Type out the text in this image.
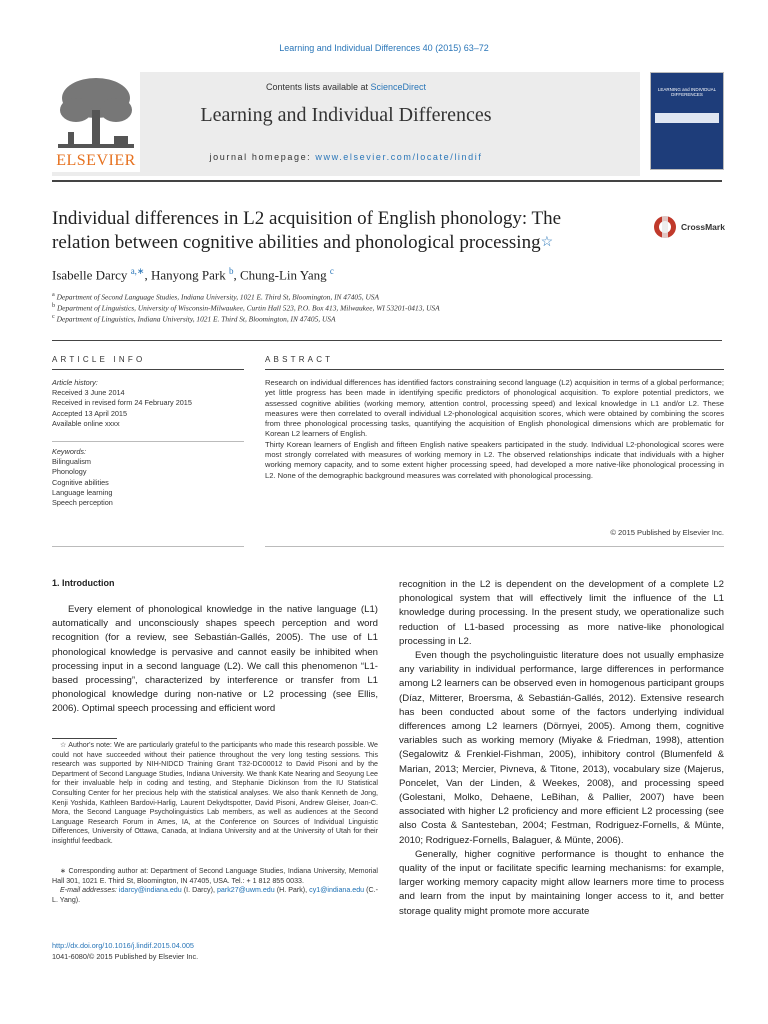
Learning and Individual Differences 40 (2015) 63–72
ELSEVIER
Contents lists available at ScienceDirect
Learning and Individual Differences
journal homepage: www.elsevier.com/locate/lindif
LEARNING and INDIVIDUAL DIFFERENCES
Individual differences in L2 acquisition of English phonology: The relation between cognitive abilities and phonological processing☆
CrossMark
Isabelle Darcy $^{a,∗}$, Hanyong Park $^b$, Chung-Lin Yang $^c$
$^a$ Department of Second Language Studies, Indiana University, 1021 E. Third St, Bloomington, IN 47405, USA
$^b$ Department of Linguistics, University of Wisconsin-Milwaukee, Curtin Hall 523, P.O. Box 413, Milwaukee, WI 53201-0413, USA
$^c$ Department of Linguistics, Indiana University, 1021 E. Third St, Bloomington, IN 47405, USA
ARTICLE INFO	ABSTRACT
Article history:
Received 3 June 2014
Received in revised form 24 February 2015
Accepted 13 April 2015
Available online xxxx
Keywords:
Bilingualism
Phonology
Cognitive abilities
Language learning
Speech perception

Research on individual differences has identified factors constraining second language (L2) acquisition in terms of a global performance; yet little progress has been made in identifying specific predictors of phonological acquisition. To explore potential predictors, we assessed cognitive abilities (working memory, attention control, processing speed) and lexical knowledge in L1 and/or L2. These measures were then correlated to overall individual L2-phonological acquisition scores, which were obtained by combining the scores from three phonological processing tasks, quantifying the acquisition of English phonological dimensions which are problematic for Korean L2 learners of English.

Thirty Korean learners of English and fifteen English native speakers participated in the study. Individual L2-phonological scores were most strongly correlated with measures of working memory in L2. The observed relationships indicate that individuals with a higher working memory capacity, and to some extent higher processing speed, had developed a more native-like phonological processing in L2. None of the demographic background measures was correlated with phonological processing.

© 2015 Published by Elsevier Inc.
1. Introduction

Every element of phonological knowledge in the native language (L1) automatically and unconsciously shapes speech perception and word recognition (for a review, see Sebastián-Gallés, 2005). The use of L1 phonological knowledge is pervasive and cannot easily be inhibited when processing input in a second language (L2). We call this phenomenon “L1-based processing”, characterized by interference or transfer from L1 phonological knowledge during non-native or L2 processing (see Ellis, 2006). Optimal speech processing and efficient word

recognition in the L2 is dependent on the development of a complete L2 phonological system that will effectively limit the influence of the L1 knowledge during processing. In the present study, we operationalize such reduction of L1-based processing as more native-like phonological processing in L2.

Even though the psycholinguistic literature does not usually emphasize any variability in individual performance, large differences in performance among L2 learners can be observed even in homogenous participant groups (Díaz, Mitterer, Broersma, & Sebastián-Gallés, 2012). Extensive research has been conducted about some of the factors underlying individual differences among L2 learners (Dörnyei, 2005). Among them, cognitive variables such as working memory (Miyake & Friedman, 1998), attention (Segalowitz & Frenkiel-Fishman, 2005), inhibitory control (Blumenfeld & Marian, 2013; Mercier, Pivneva, & Titone, 2013), vocabulary size (Majerus, Poncelet, Van der Linden, & Weekes, 2008), and processing speed (Golestani, Molko, Dehaene, LeBihan, & Pallier, 2007) have been associated with higher L2 proficiency and more efficient L2 processing (see also Costa & Santesteban, 2004; Festman, Rodriguez-Fornells, & Münte, 2010; Rodriguez-Fornells, Balaguer, & Münte, 2006).

Generally, higher cognitive performance is thought to enhance the quality of the input or facilitate specific learning mechanisms: for example, larger working memory capacity might allow learners more time to process and learn from the input by maintaining longer access to it, and better storage quality might promote more accurate

☆ Author's note: We are particularly grateful to the participants who made this research possible. We could not have succeeded without their patience throughout the very long testing sessions. This research was supported by NIH-NIDCD Training Grant T32-DC00012 to David Pisoni and by the Department of Second Language Studies, Indiana University. We thank Kate Nearing and Seoyung Lee for their invaluable help in coding and testing, and Stephanie Dickinson from the IU Statistical Consulting Center for her precious help with the statistical analyses. We also thank Kenneth de Jong, Kenji Yoshida, Kathleen Bardovi-Harlig, Laurent Dekydtspotter, David Pisoni, Andrew Gleiser, Joan-C. Mora, the Second Language Psycholinguistics Lab members, as well as audiences at the Second Language Research Forum in Ames, IA, at the Conference on Sources of Individual Linguistic Differences, University of Ottawa, Canada, at Indiana University and at the University of Utah for their insightful feedback.

∗ Corresponding author at: Department of Second Language Studies, Indiana University, Memorial Hall 301, 1021 E. Third St, Bloomington, IN 47405, USA. Tel.: + 1 812 855 0033.

E-mail addresses: idarcy@indiana.edu (I. Darcy), park27@uwm.edu (H. Park), cy1@indiana.edu (C.-L. Yang).

http://dx.doi.org/10.1016/j.lindif.2015.04.005
1041-6080/© 2015 Published by Elsevier Inc.
